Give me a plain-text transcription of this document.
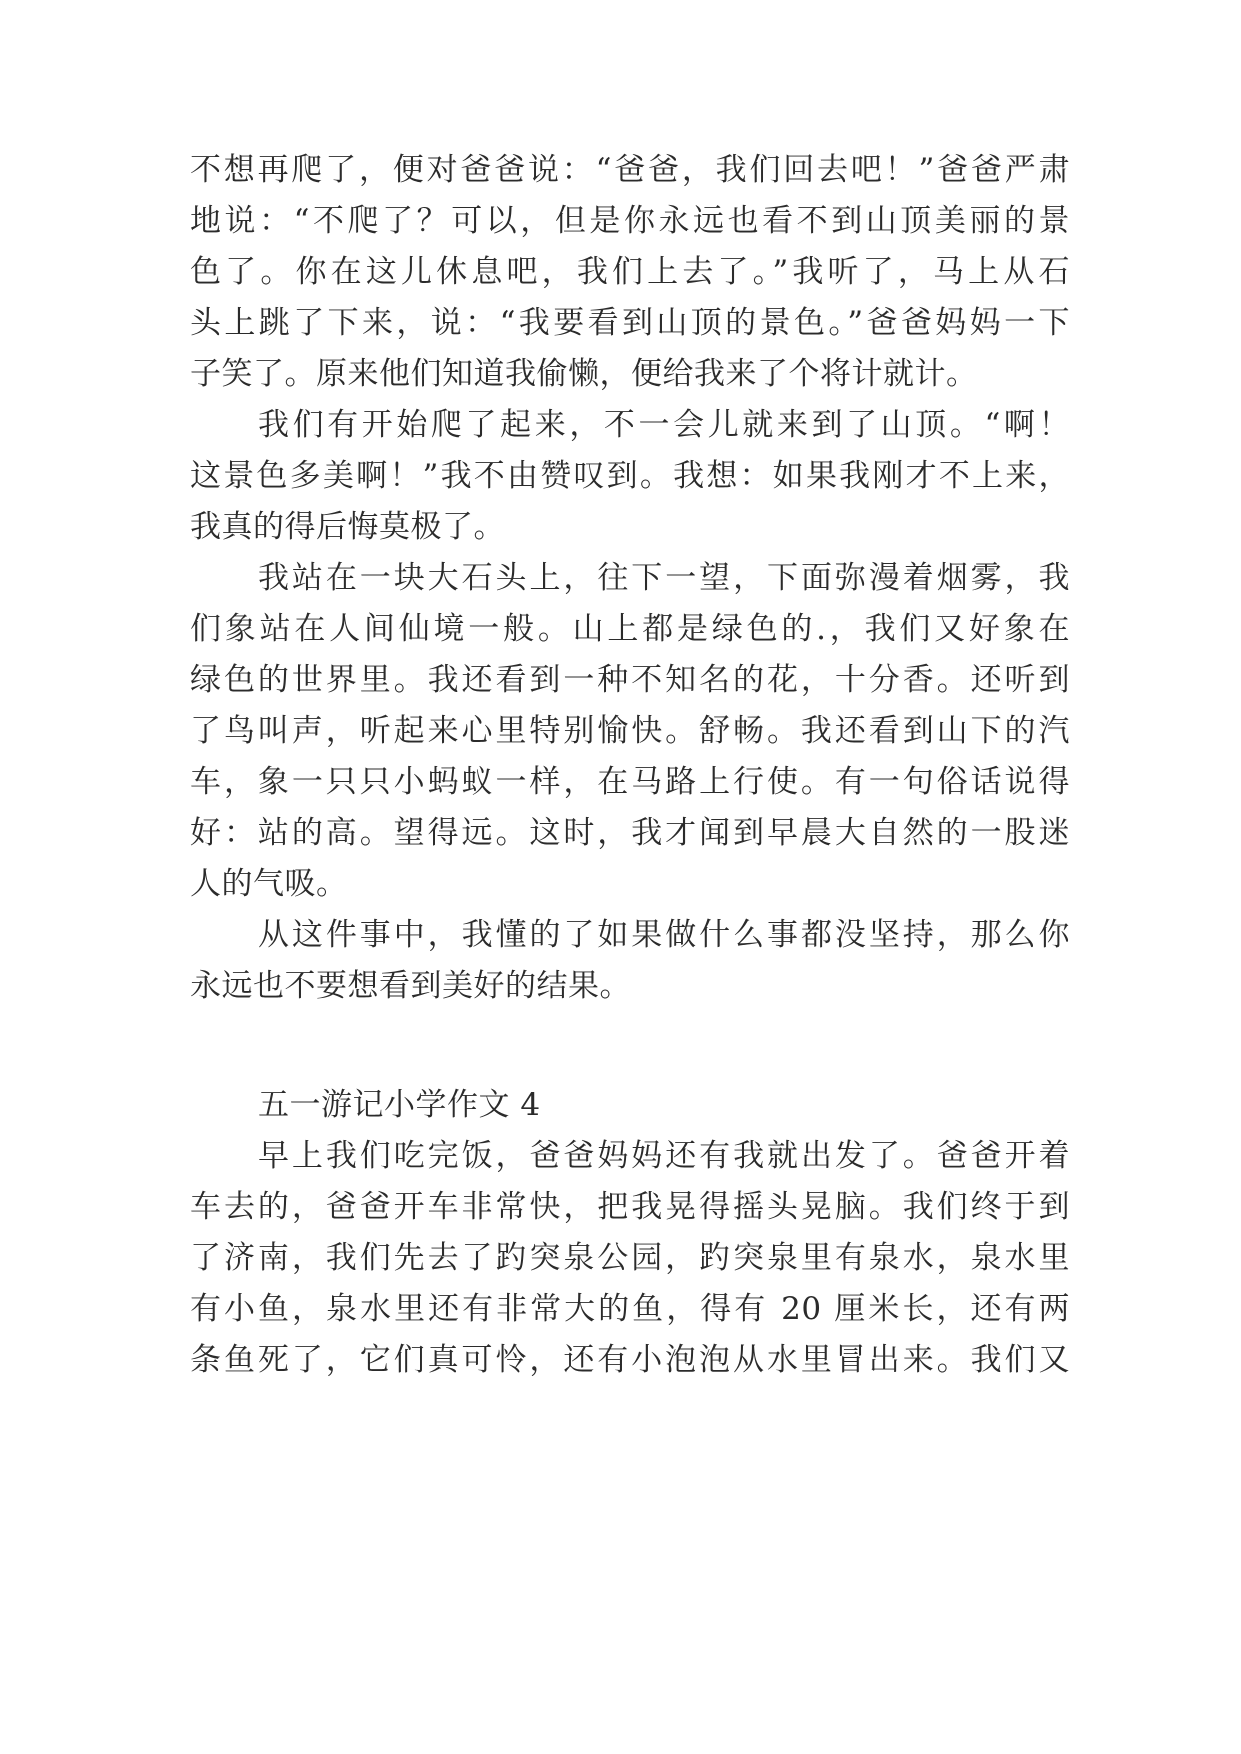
不想再爬了，便对爸爸说：“爸爸，我们回去吧！”爸爸严肃
地说：“不爬了？可以，但是你永远也看不到山顶美丽的景
色了。你在这儿休息吧，我们上去了。”我听了，马上从石
头上跳了下来，说：“我要看到山顶的景色。”爸爸妈妈一下
子笑了。原来他们知道我偷懒，便给我来了个将计就计。
我们有开始爬了起来，不一会儿就来到了山顶。“啊！
这景色多美啊！”我不由赞叹到。我想：如果我刚才不上来，
我真的得后悔莫极了。
我站在一块大石头上，往下一望，下面弥漫着烟雾，我
们象站在人间仙境一般。山上都是绿色的.，我们又好象在
绿色的世界里。我还看到一种不知名的花，十分香。还听到
了鸟叫声，听起来心里特别愉快。舒畅。我还看到山下的汽
车，象一只只小蚂蚁一样，在马路上行使。有一句俗话说得
好：站的高。望得远。这时，我才闻到早晨大自然的一股迷
人的气吸。
从这件事中，我懂的了如果做什么事都没坚持，那么你
永远也不要想看到美好的结果。
五一游记小学作文 4
早上我们吃完饭，爸爸妈妈还有我就出发了。爸爸开着
车去的，爸爸开车非常快，把我晃得摇头晃脑。我们终于到
了济南，我们先去了趵突泉公园，趵突泉里有泉水，泉水里
有小鱼，泉水里还有非常大的鱼，得有 20 厘米长，还有两
条鱼死了，它们真可怜，还有小泡泡从水里冒出来。我们又
